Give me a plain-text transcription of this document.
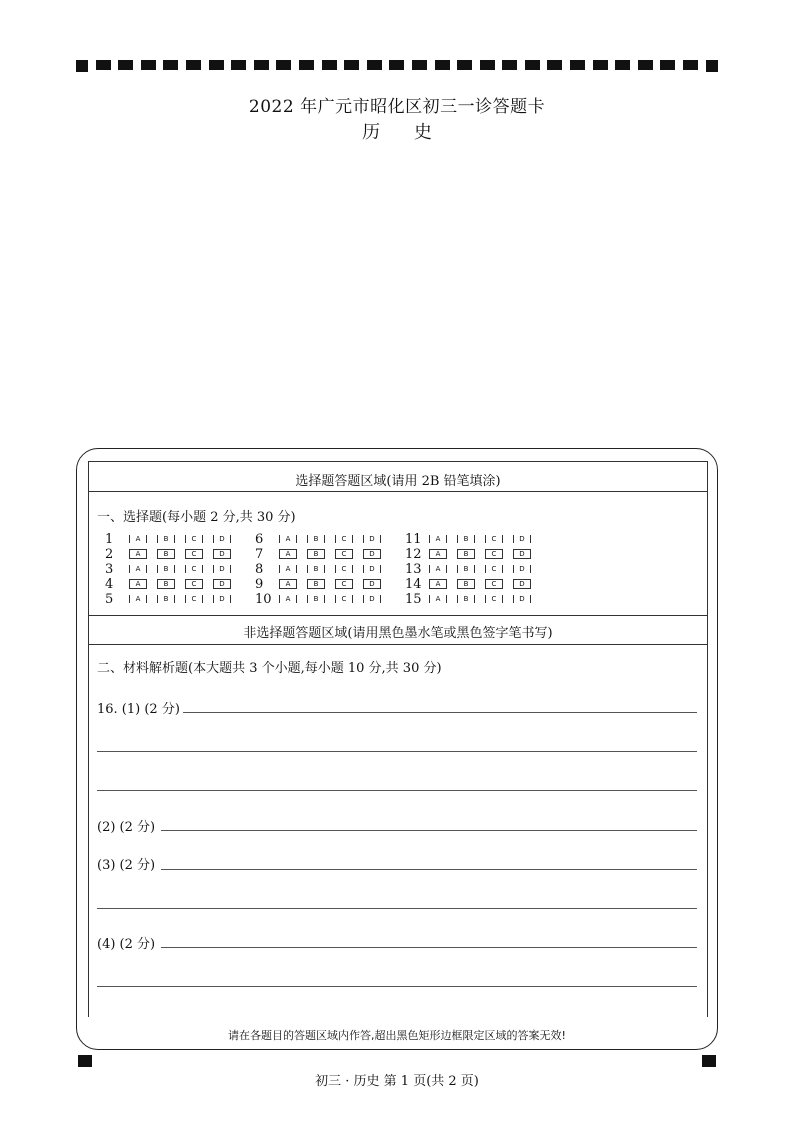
2022 年广元市昭化区初三一诊答题卡
历 史
选择题答题区域(请用 2B 铅笔填涂)
一、选择题(每小题 2 分,共 30 分)
1	A	B	C	D	6	A	B	C	D	11	A	B	C	D
2	A	B	C	D	7	A	B	C	D	12	A	B	C	D
3	A	B	C	D	8	A	B	C	D	13	A	B	C	D
4	A	B	C	D	9	A	B	C	D	14	A	B	C	D
5	A	B	C	D	10	A	B	C	D	15	A	B	C	D
非选择题答题区域(请用黑色墨水笔或黑色签字笔书写)
二、材料解析题(本大题共 3 个小题,每小题 10 分,共 30 分)
16. (1) (2 分)
(2) (2 分)
(3) (2 分)
(4) (2 分)
请在各题目的答题区域内作答,超出黑色矩形边框限定区域的答案无效!
初三 · 历史 第 1 页(共 2 页)
